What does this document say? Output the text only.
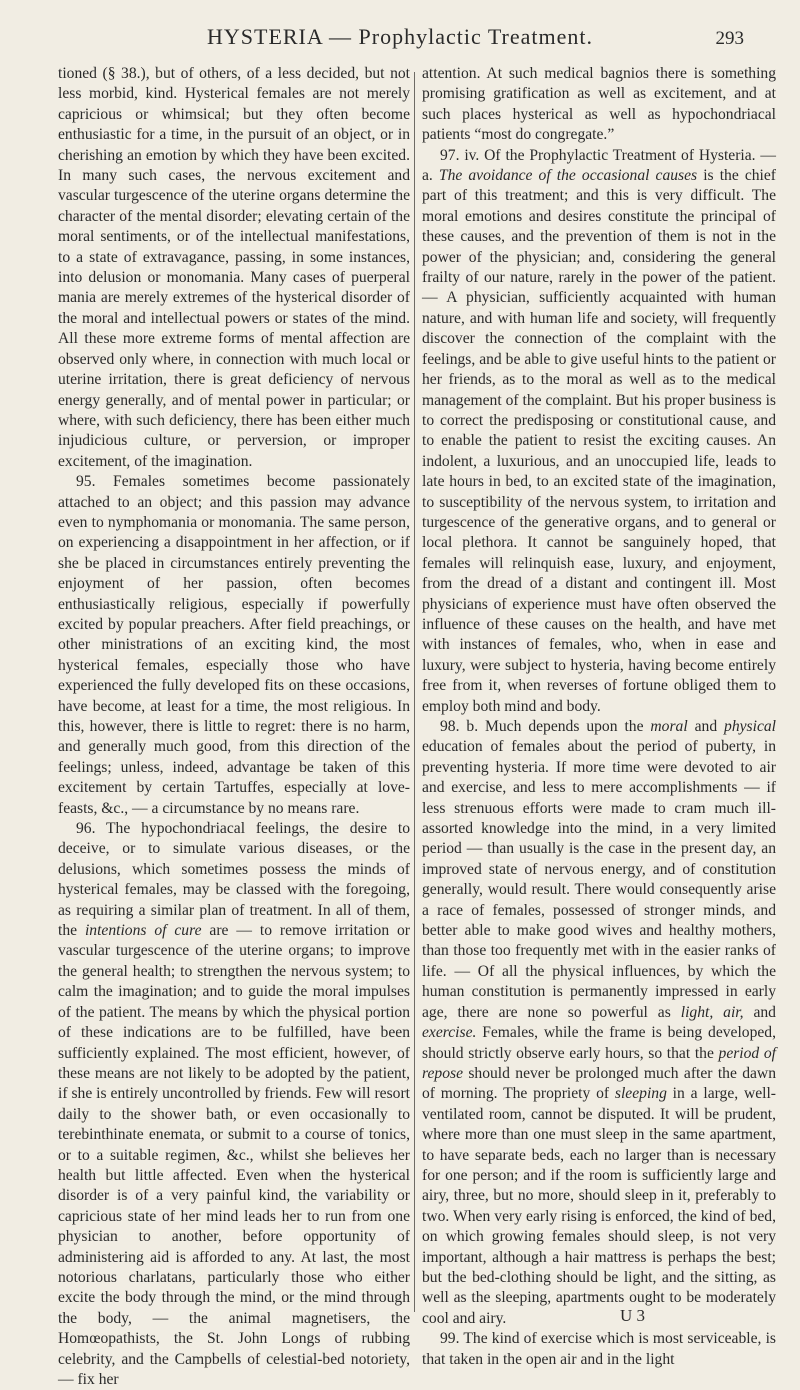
HYSTERIA — Prophylactic Treatment.	293

tioned (§ 38.), but of others, of a less decided, but not less morbid, kind. Hysterical females are not merely capricious or whimsical; but they often become enthusiastic for a time, in the pursuit of an object, or in cherishing an emotion by which they have been excited. In many such cases, the nervous excitement and vascular turgescence of the uterine organs determine the character of the mental disorder; elevating certain of the moral sentiments, or of the intellectual manifestations, to a state of extravagance, passing, in some instances, into delusion or monomania. Many cases of puerperal mania are merely extremes of the hysterical disorder of the moral and intellectual powers or states of the mind. All these more extreme forms of mental affection are observed only where, in connection with much local or uterine irritation, there is great deficiency of nervous energy generally, and of mental power in particular; or where, with such deficiency, there has been either much injudicious culture, or perversion, or improper excitement, of the imagination.

95. Females sometimes become passionately attached to an object; and this passion may advance even to nymphomania or monomania. The same person, on experiencing a disappointment in her affection, or if she be placed in circumstances entirely preventing the enjoyment of her passion, often becomes enthusiastically religious, especially if powerfully excited by popular preachers. After field preachings, or other ministrations of an exciting kind, the most hysterical females, especially those who have experienced the fully developed fits on these occasions, have become, at least for a time, the most religious. In this, however, there is little to regret: there is no harm, and generally much good, from this direction of the feelings; unless, indeed, advantage be taken of this excitement by certain Tartuffes, especially at love-feasts, &c., — a circumstance by no means rare.

96. The hypochondriacal feelings, the desire to deceive, or to simulate various diseases, or the delusions, which sometimes possess the minds of hysterical females, may be classed with the foregoing, as requiring a similar plan of treatment. In all of them, the intentions of cure are — to remove irritation or vascular turgescence of the uterine organs; to improve the general health; to strengthen the nervous system; to calm the imagination; and to guide the moral impulses of the patient. The means by which the physical portion of these indications are to be fulfilled, have been sufficiently explained. The most efficient, however, of these means are not likely to be adopted by the patient, if she is entirely uncontrolled by friends. Few will resort daily to the shower bath, or even occasionally to terebinthinate enemata, or submit to a course of tonics, or to a suitable regimen, &c., whilst she believes her health but little affected. Even when the hysterical disorder is of a very painful kind, the variability or capricious state of her mind leads her to run from one physician to another, before opportunity of administering aid is afforded to any. At last, the most notorious charlatans, particularly those who either excite the body through the mind, or the mind through the body, — the animal magnetisers, the Homœopathists, the St. John Longs of rubbing celebrity, and the Campbells of celestial-bed notoriety, — fix her

attention. At such medical bagnios there is something promising gratification as well as excitement, and at such places hysterical as well as hypochondriacal patients “most do congregate.”

97. iv. Of the Prophylactic Treatment of Hysteria. — a. The avoidance of the occasional causes is the chief part of this treatment; and this is very difficult. The moral emotions and desires constitute the principal of these causes, and the prevention of them is not in the power of the physician; and, considering the general frailty of our nature, rarely in the power of the patient. — A physician, sufficiently acquainted with human nature, and with human life and society, will frequently discover the connection of the complaint with the feelings, and be able to give useful hints to the patient or her friends, as to the moral as well as to the medical management of the complaint. But his proper business is to correct the predisposing or constitutional cause, and to enable the patient to resist the exciting causes. An indolent, a luxurious, and an unoccupied life, leads to late hours in bed, to an excited state of the imagination, to susceptibility of the nervous system, to irritation and turgescence of the generative organs, and to general or local plethora. It cannot be sanguinely hoped, that females will relinquish ease, luxury, and enjoyment, from the dread of a distant and contingent ill. Most physicians of experience must have often observed the influence of these causes on the health, and have met with instances of females, who, when in ease and luxury, were subject to hysteria, having become entirely free from it, when reverses of fortune obliged them to employ both mind and body.

98. b. Much depends upon the moral and physical education of females about the period of puberty, in preventing hysteria. If more time were devoted to air and exercise, and less to mere accomplishments — if less strenuous efforts were made to cram much ill-assorted knowledge into the mind, in a very limited period — than usually is the case in the present day, an improved state of nervous energy, and of constitution generally, would result. There would consequently arise a race of females, possessed of stronger minds, and better able to make good wives and healthy mothers, than those too frequently met with in the easier ranks of life. — Of all the physical influences, by which the human constitution is permanently impressed in early age, there are none so powerful as light, air, and exercise. Females, while the frame is being developed, should strictly observe early hours, so that the period of repose should never be prolonged much after the dawn of morning. The propriety of sleeping in a large, well-ventilated room, cannot be disputed. It will be prudent, where more than one must sleep in the same apartment, to have separate beds, each no larger than is necessary for one person; and if the room is sufficiently large and airy, three, but no more, should sleep in it, preferably to two. When very early rising is enforced, the kind of bed, on which growing females should sleep, is not very important, although a hair mattress is perhaps the best; but the bed-clothing should be light, and the sitting, as well as the sleeping, apartments ought to be moderately cool and airy.

99. The kind of exercise which is most serviceable, is that taken in the open air and in the light

U 3
